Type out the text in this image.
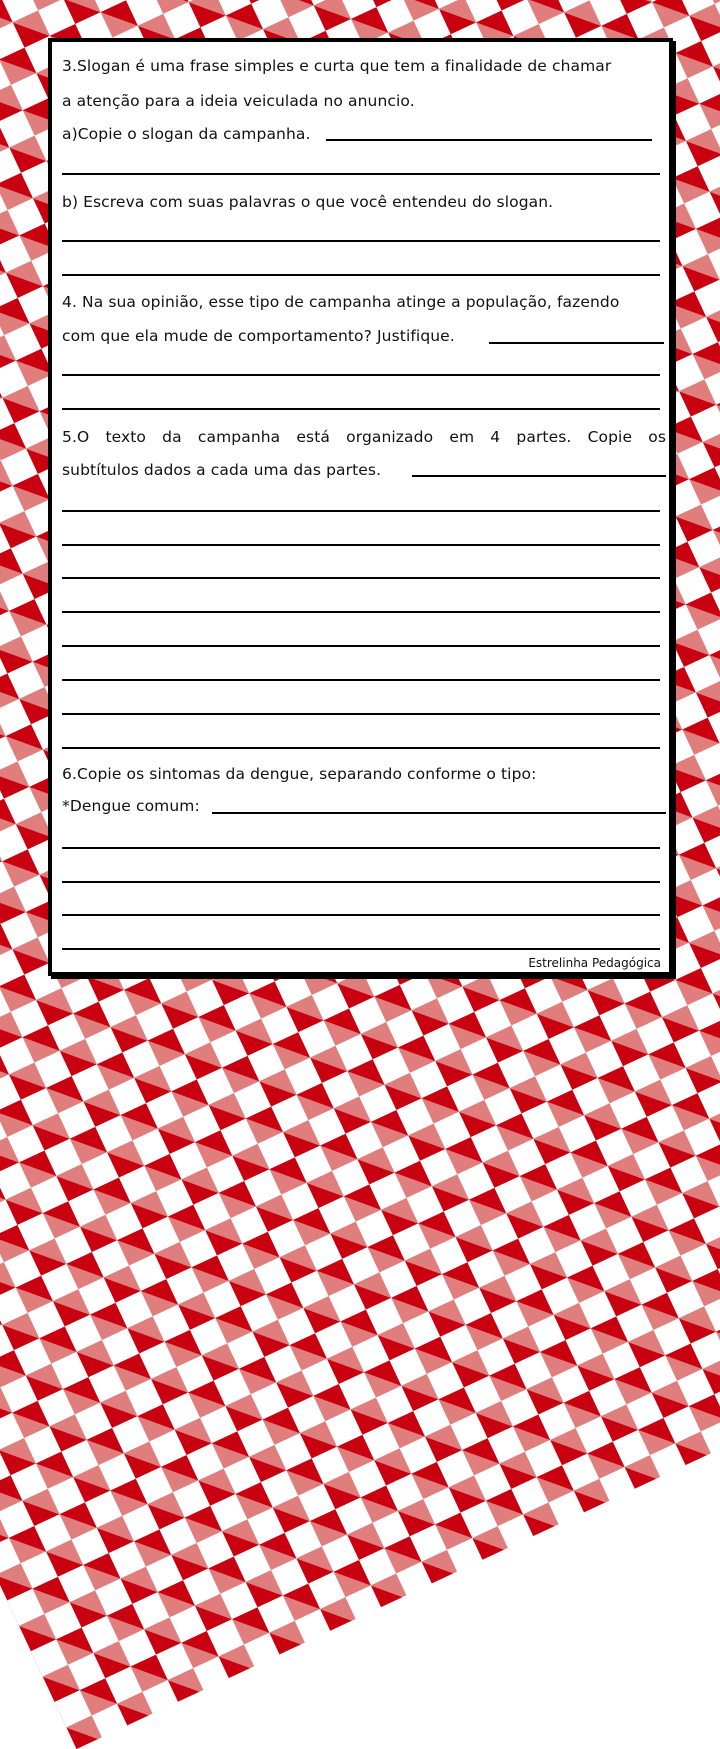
3.Slogan é uma frase simples e curta que tem a finalidade de chamar
a atenção para a ideia veiculada no anuncio.
a)Copie o slogan da campanha.
b) Escreva com suas palavras o que você entendeu do slogan.
4. Na sua opinião, esse tipo de campanha atinge a população, fazendo
com que ela mude de comportamento? Justifique.
5.O texto da campanha está organizado em 4 partes. Copie os
subtítulos dados a cada uma das partes.
6.Copie os sintomas da dengue, separando conforme o tipo:
*Dengue comum:
Estrelinha Pedagógica
